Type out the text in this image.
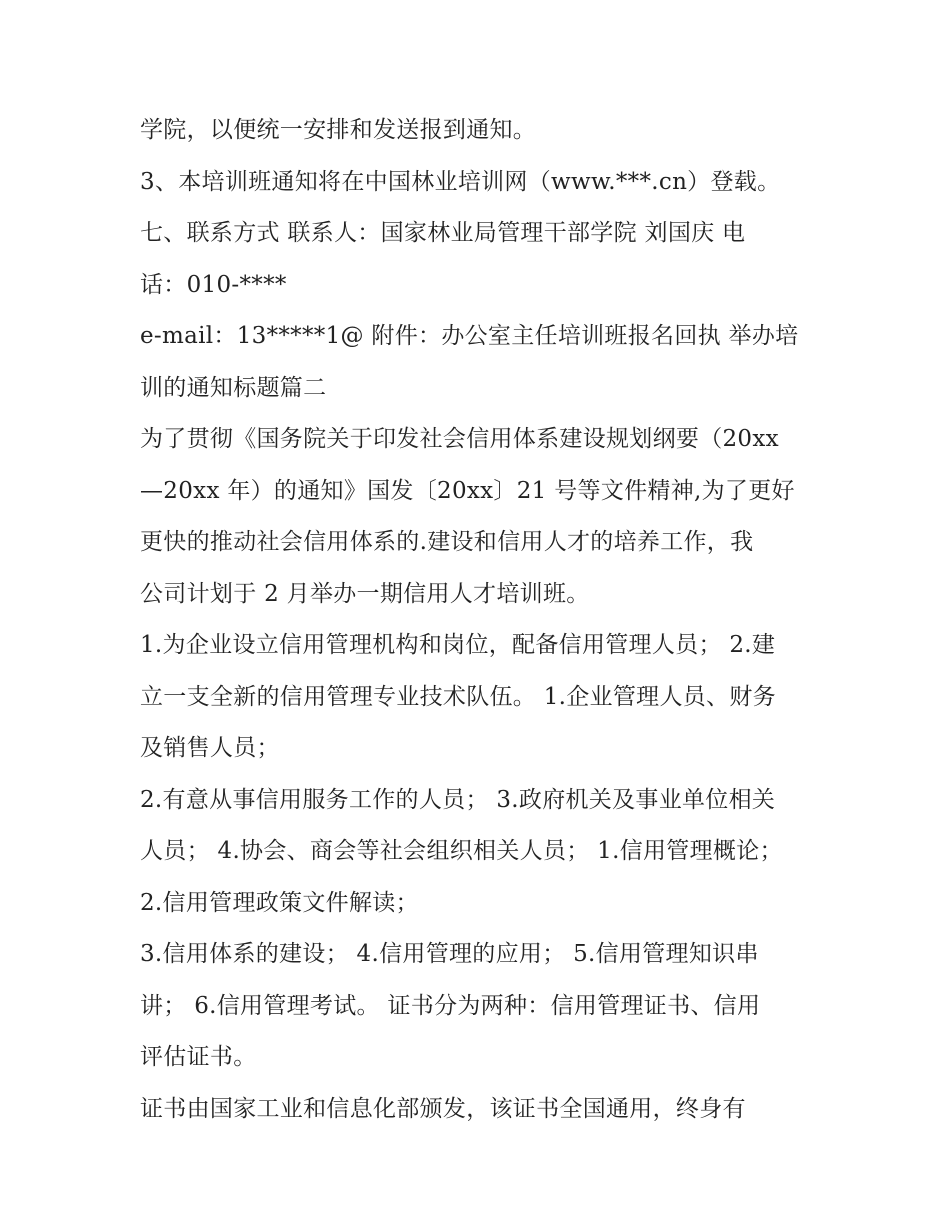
学院，以便统一安排和发送报到通知。
3、本培训班通知将在中国林业培训网（www.***.cn）登载。
七、联系方式 联系人：国家林业局管理干部学院 刘国庆 电
话：010-****
e-mail：13*****1@ 附件：办公室主任培训班报名回执 举办培
训的通知标题篇二
为了贯彻《国务院关于印发社会信用体系建设规划纲要（20xx
—20xx 年）的通知》国发〔20xx〕21 号等文件精神,为了更好
更快的推动社会信用体系的.建设和信用人才的培养工作，我
公司计划于 2 月举办一期信用人才培训班。
1.为企业设立信用管理机构和岗位，配备信用管理人员； 2.建
立一支全新的信用管理专业技术队伍。 1.企业管理人员、财务
及销售人员；
2.有意从事信用服务工作的人员； 3.政府机关及事业单位相关
人员； 4.协会、商会等社会组织相关人员； 1.信用管理概论；
2.信用管理政策文件解读；
3.信用体系的建设； 4.信用管理的应用； 5.信用管理知识串
讲； 6.信用管理考试。 证书分为两种：信用管理证书、信用
评估证书。
证书由国家工业和信息化部颁发，该证书全国通用，终身有
